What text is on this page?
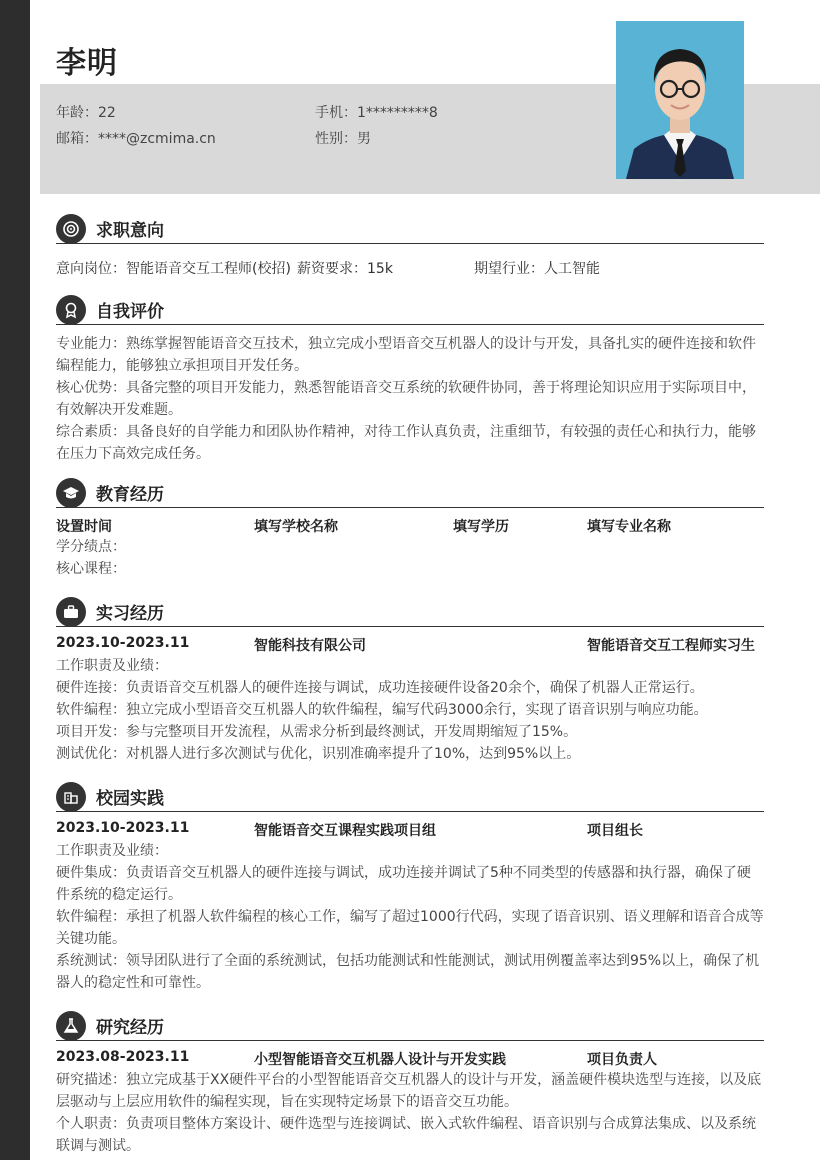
李明
年龄：22	手机：1*********8
邮箱：****@zcmima.cn	性别：男
求职意向
意向岗位：智能语音交互工程师(校招) 薪资要求：15k	期望行业：人工智能
自我评价
专业能力：熟练掌握智能语音交互技术，独立完成小型语音交互机器人的设计与开发，具备扎实的硬件连接和软件
编程能力，能够独立承担项目开发任务。
核心优势：具备完整的项目开发能力，熟悉智能语音交互系统的软硬件协同，善于将理论知识应用于实际项目中，
有效解决开发难题。
综合素质：具备良好的自学能力和团队协作精神，对待工作认真负责，注重细节，有较强的责任心和执行力，能够
在压力下高效完成任务。
教育经历
设置时间	填写学校名称	填写学历	填写专业名称
学分绩点：
核心课程：
实习经历
2023.10-2023.11	智能科技有限公司	智能语音交互工程师实习生
工作职责及业绩：
硬件连接：负责语音交互机器人的硬件连接与调试，成功连接硬件设备20余个，确保了机器人正常运行。
软件编程：独立完成小型语音交互机器人的软件编程，编写代码3000余行，实现了语音识别与响应功能。
项目开发：参与完整项目开发流程，从需求分析到最终测试，开发周期缩短了15%。
测试优化：对机器人进行多次测试与优化，识别准确率提升了10%，达到95%以上。
校园实践
2023.10-2023.11	智能语音交互课程实践项目组	项目组长
工作职责及业绩：
硬件集成：负责语音交互机器人的硬件连接与调试，成功连接并调试了5种不同类型的传感器和执行器，确保了硬
件系统的稳定运行。
软件编程：承担了机器人软件编程的核心工作，编写了超过1000行代码，实现了语音识别、语义理解和语音合成等
关键功能。
系统测试：领导团队进行了全面的系统测试，包括功能测试和性能测试，测试用例覆盖率达到95%以上，确保了机
器人的稳定性和可靠性。
研究经历
2023.08-2023.11	小型智能语音交互机器人设计与开发实践	项目负责人
研究描述：独立完成基于XX硬件平台的小型智能语音交互机器人的设计与开发，涵盖硬件模块选型与连接，以及底
层驱动与上层应用软件的编程实现，旨在实现特定场景下的语音交互功能。
个人职责：负责项目整体方案设计、硬件选型与连接调试、嵌入式软件编程、语音识别与合成算法集成、以及系统
联调与测试。
